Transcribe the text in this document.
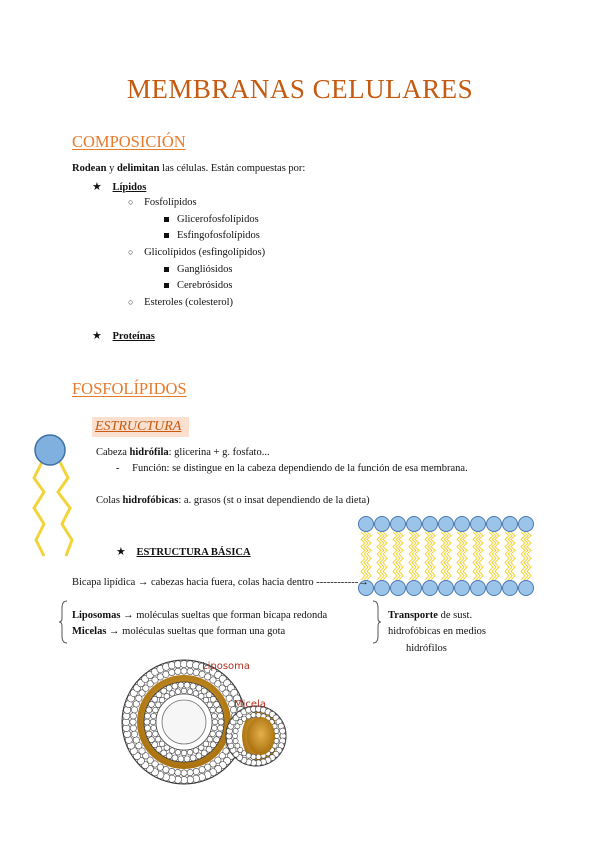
MEMBRANAS CELULARES
COMPOSICIÓN
Rodean y delimitan las células. Están compuestas por:
★ Lípidos
○ Fosfolípidos
Glicerofosfolípidos
Esfingofosfolípidos
○ Glicolípidos (esfingolípidos)
Gangliósidos
Cerebrósidos
○ Esteroles (colesterol)
★ Proteínas
FOSFOLÍPIDOS
ESTRUCTURA
Cabeza hidrófila: glicerina + g. fosfato...
- Función: se distingue en la cabeza dependiendo de la función de esa membrana.
Colas hidrofóbicas: a. grasos (st o insat dependiendo de la dieta)
★ ESTRUCTURA BÁSICA
Bicapa lipídica → cabezas hacia fuera, colas hacia dentro ------------→
Liposomas → moléculas sueltas que forman bicapa redonda
Micelas → moléculas sueltas que forman una gota
Transporte de sust.
hidrofóbicas en medios
hidrófilos
Liposoma
Micela
